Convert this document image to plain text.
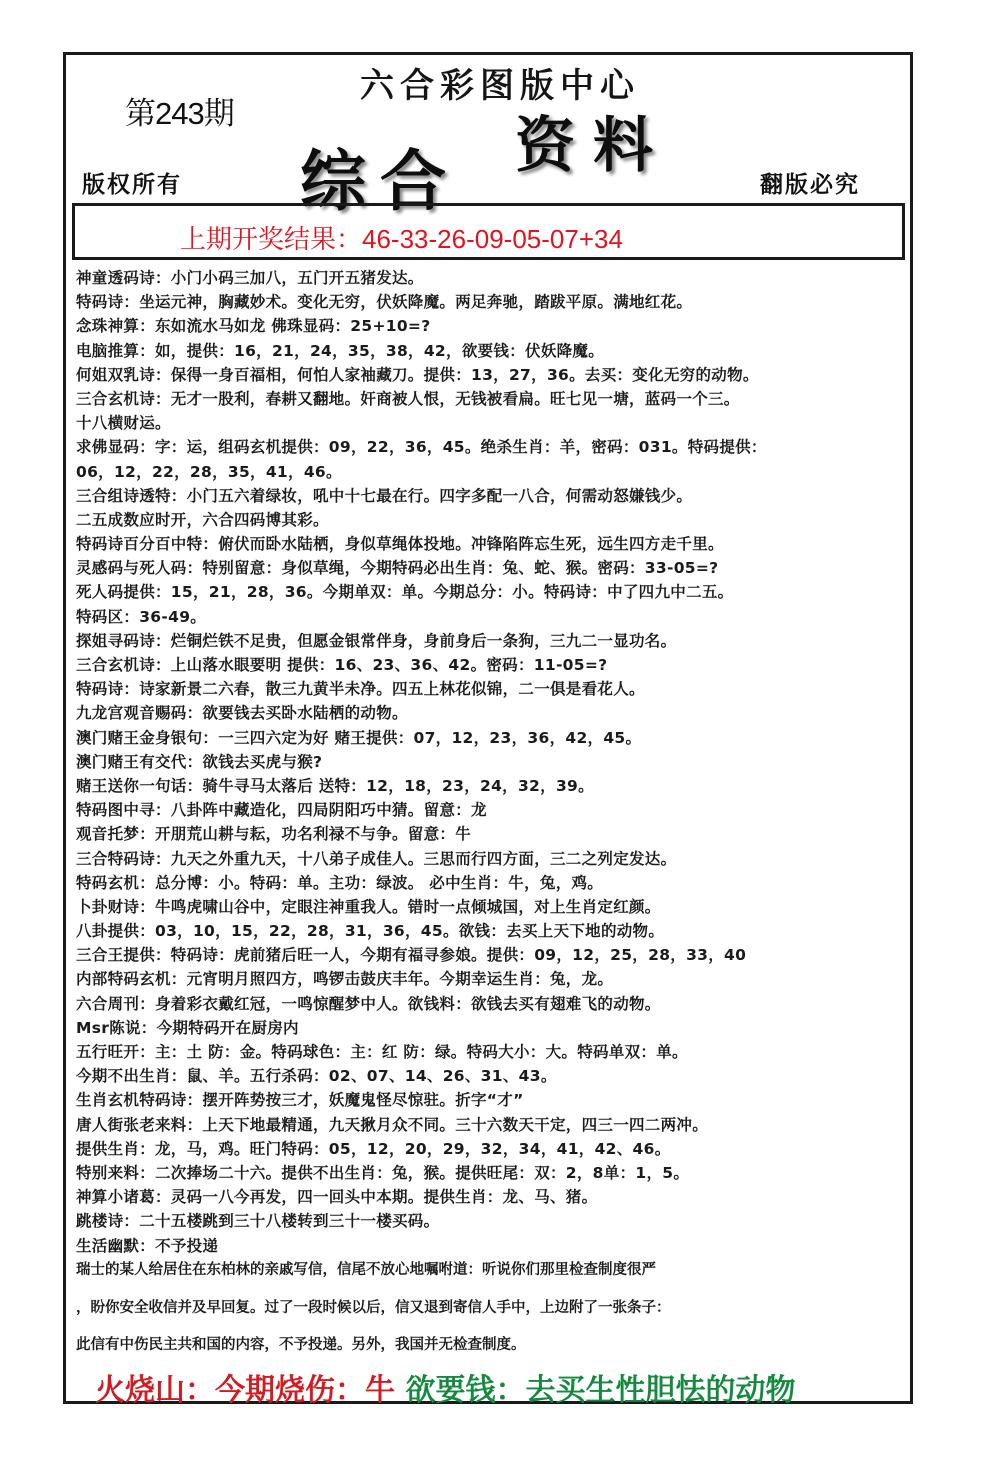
第243期
六合彩图版中心
综合 资料
版权所有	翻版必究
上期开奖结果：46-33-26-09-05-07+34
神童透码诗：小门小码三加八，五门开五猪发达。
特码诗：坐运元神，胸藏妙术。变化无穷，伏妖降魔。两足奔驰，踏跋平原。满地红花。
念珠神算：东如流水马如龙 佛珠显码：25+10=?
电脑推算：如，提供：16，21，24，35，38，42，欲要钱：伏妖降魔。
何姐双乳诗：保得一身百福相，何怕人家袖藏刀。提供：13，27，36。去买：变化无穷的动物。
三合玄机诗：无才一股利，春耕又翻地。奸商被人恨，无钱被看扁。旺七见一塘，蓝码一个三。
十八横财运。
求佛显码：字：运，组码玄机提供：09，22，36，45。绝杀生肖：羊，密码：031。特码提供：
06，12，22，28，35，41，46。
三合组诗透特：小门五六着绿妆，吼中十七最在行。四字多配一八合，何需动怒嫌钱少。
二五成数应时开，六合四码博其彩。
特码诗百分百中特：俯伏而卧水陆栖，身似草绳体投地。冲锋陷阵忘生死，远生四方走千里。
灵感码与死人码：特别留意：身似草绳，今期特码必出生肖：兔、蛇、猴。密码：33-05=?
死人码提供：15，21，28，36。今期单双：单。今期总分：小。特码诗：中了四九中二五。
特码区：36-49。
探姐寻码诗：烂铜烂铁不足贵，但愿金银常伴身，身前身后一条狗，三九二一显功名。
三合玄机诗：上山落水眼要明 提供：16、23、36、42。密码：11-05=?
特码诗：诗家新景二六春，散三九黄半未净。四五上林花似锦，二一俱是看花人。
九龙宫观音赐码：欲要钱去买卧水陆栖的动物。
澳门赌王金身银句：一三四六定为好 赌王提供：07，12，23，36，42，45。
澳门赌王有交代：欲钱去买虎与猴?
赌王送你一句话：骑牛寻马太落后 送特：12，18，23，24，32，39。
特码图中寻：八卦阵中藏造化，四局阴阳巧中猜。留意：龙
观音托梦：开朋荒山耕与耘，功名利禄不与争。留意：牛
三合特码诗：九天之外重九天，十八弟子成佳人。三思而行四方面，三二之列定发达。
特码玄机：总分博：小。特码：单。主功：绿波。 必中生肖：牛，兔，鸡。
卜卦财诗：牛鸣虎啸山谷中，定眼注神重我人。错时一点倾城国，对上生肖定红颜。
八卦提供：03，10，15，22，28，31，36，45。欲钱：去买上天下地的动物。
三合王提供：特码诗：虎前猪后旺一人，今期有福寻参娘。提供：09，12，25，28，33，40
内部特码玄机：元宵明月照四方，鸣锣击鼓庆丰年。今期幸运生肖：兔，龙。
六合周刊：身着彩衣戴红冠，一鸣惊醒梦中人。欲钱料：欲钱去买有翅难飞的动物。
Msr陈说：今期特码开在厨房内
五行旺开：主：土 防：金。特码球色：主：红 防：绿。特码大小：大。特码单双：单。
今期不出生肖：鼠、羊。五行杀码：02、07、14、26、31、43。
生肖玄机特码诗：摆开阵势按三才，妖魔鬼怪尽惊驻。折字“才”
唐人街张老来料：上天下地最精通，九天揪月众不同。三十六数天干定，四三一四二两冲。
提供生肖：龙，马，鸡。旺门特码：05，12，20，29，32，34，41，42、46。
特别来料：二次捧场二十六。提供不出生肖：兔，猴。提供旺尾：双：2，8单：1，5。
神算小诸葛：灵码一八今再发，四一回头中本期。提供生肖：龙、马、猪。
跳楼诗：二十五楼跳到三十八楼转到三十一楼买码。
生活幽默：不予投递
瑞士的某人给居住在东柏林的亲戚写信，信尾不放心地嘱咐道：听说你们那里检查制度很严
，盼你安全收信并及早回复。过了一段时候以后，信又退到寄信人手中，上边附了一张条子：
此信有中伤民主共和国的内容，不予投递。另外，我国并无检查制度。
火烧山：今期烧伤：牛 欲要钱：去买生性胆怯的动物
